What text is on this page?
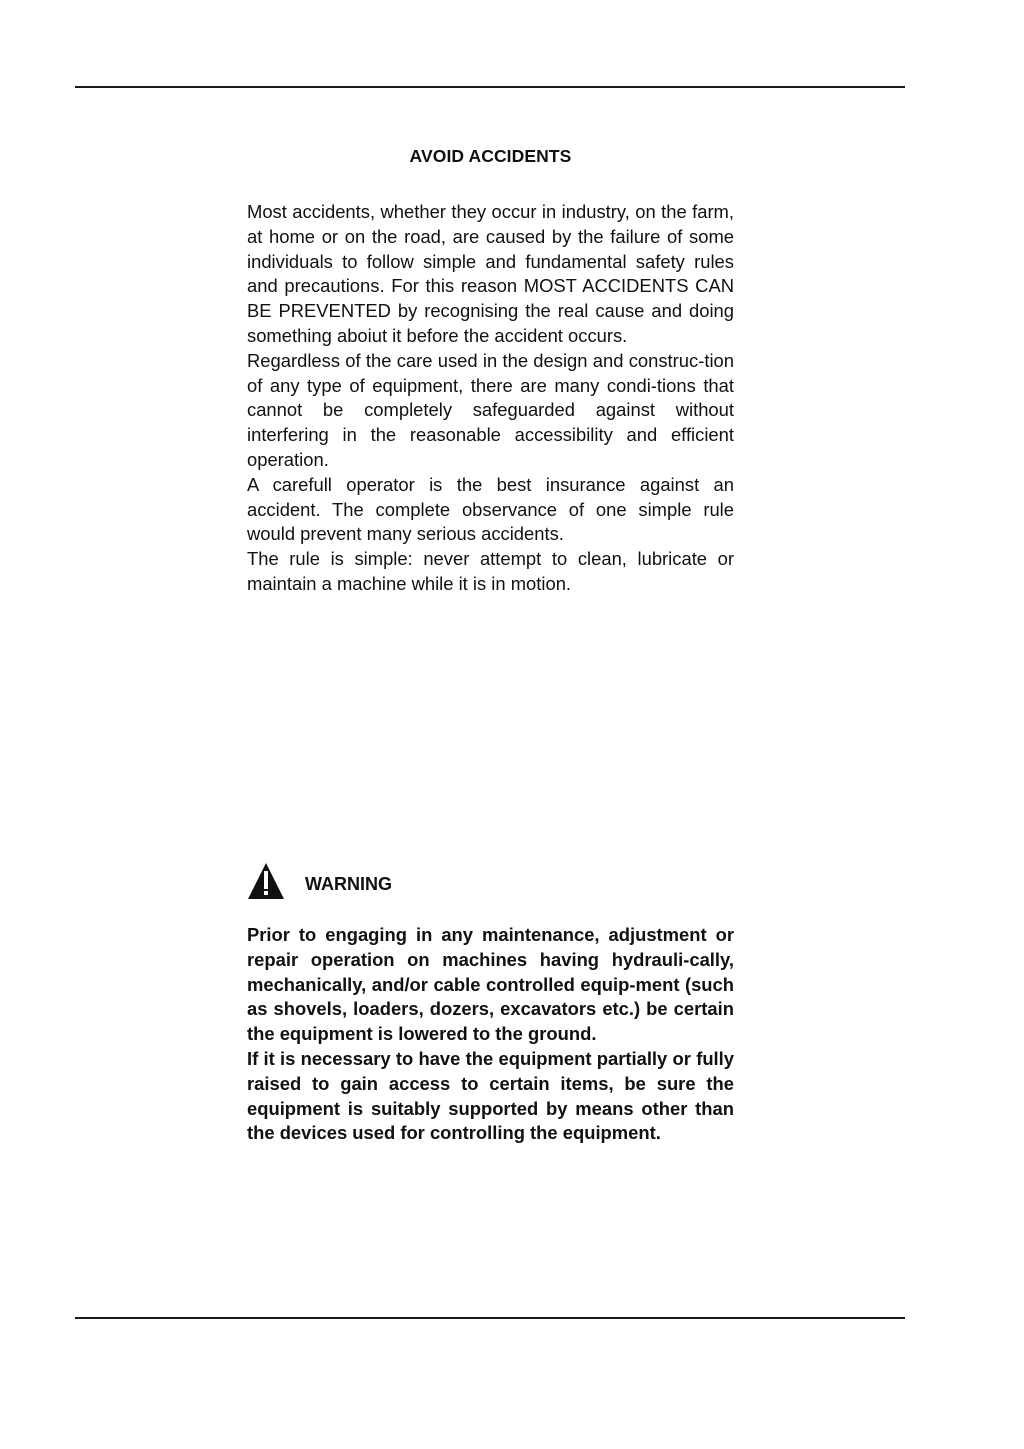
AVOID ACCIDENTS

Most accidents, whether they occur in industry, on the farm, at home or on the road, are caused by the failure of some individuals to follow simple and fundamental safety rules and precautions. For this reason MOST ACCIDENTS CAN BE PREVENTED by recognising the real cause and doing something aboiut it before the accident occurs.

Regardless of the care used in the design and construc-tion of any type of equipment, there are many condi-tions that cannot be completely safeguarded against without interfering in the reasonable accessibility and efficient operation.

A carefull operator is the best insurance against an accident. The complete observance of one simple rule would prevent many serious accidents.

The rule is simple: never attempt to clean, lubricate or maintain a machine while it is in motion.

WARNING

Prior to engaging in any maintenance, adjustment or repair operation on machines having hydrauli-cally, mechanically, and/or cable controlled equip-ment (such as shovels, loaders, dozers, excavators etc.) be certain the equipment is lowered to the ground.

If it is necessary to have the equipment partially or fully raised to gain access to certain items, be sure the equipment is suitably supported by means other than the devices used for controlling the equipment.
